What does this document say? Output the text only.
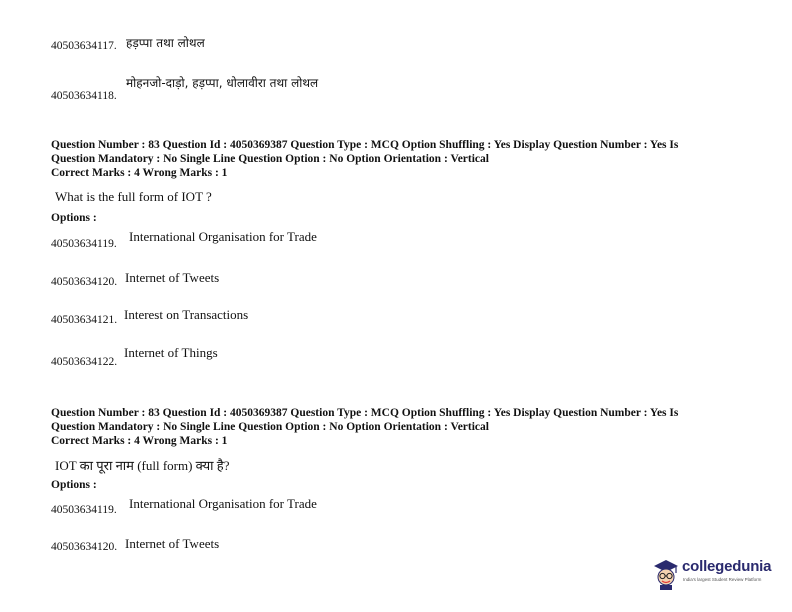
40503634117. हड़प्पा तथा लोथल
40503634118.
मोहनजो-दाड़ो, हड़प्पा, धोलावीरा तथा लोथल
Question Number : 83 Question Id : 4050369387 Question Type : MCQ Option Shuffling : Yes Display Question Number : Yes Is
Question Mandatory : No Single Line Question Option : No Option Orientation : Vertical
Correct Marks : 4 Wrong Marks : 1
What is the full form of IOT ?
Options :
40503634119. International Organisation for Trade
40503634120. Internet of Tweets
40503634121. Interest on Transactions
40503634122.
Internet of Things
Question Number : 83 Question Id : 4050369387 Question Type : MCQ Option Shuffling : Yes Display Question Number : Yes Is
Question Mandatory : No Single Line Question Option : No Option Orientation : Vertical
Correct Marks : 4 Wrong Marks : 1
IOT का पूरा नाम (full form) क्या है?
Options :
40503634119. International Organisation for Trade
40503634120. Internet of Tweets
collegedunia
India's largest Student Review Platform
